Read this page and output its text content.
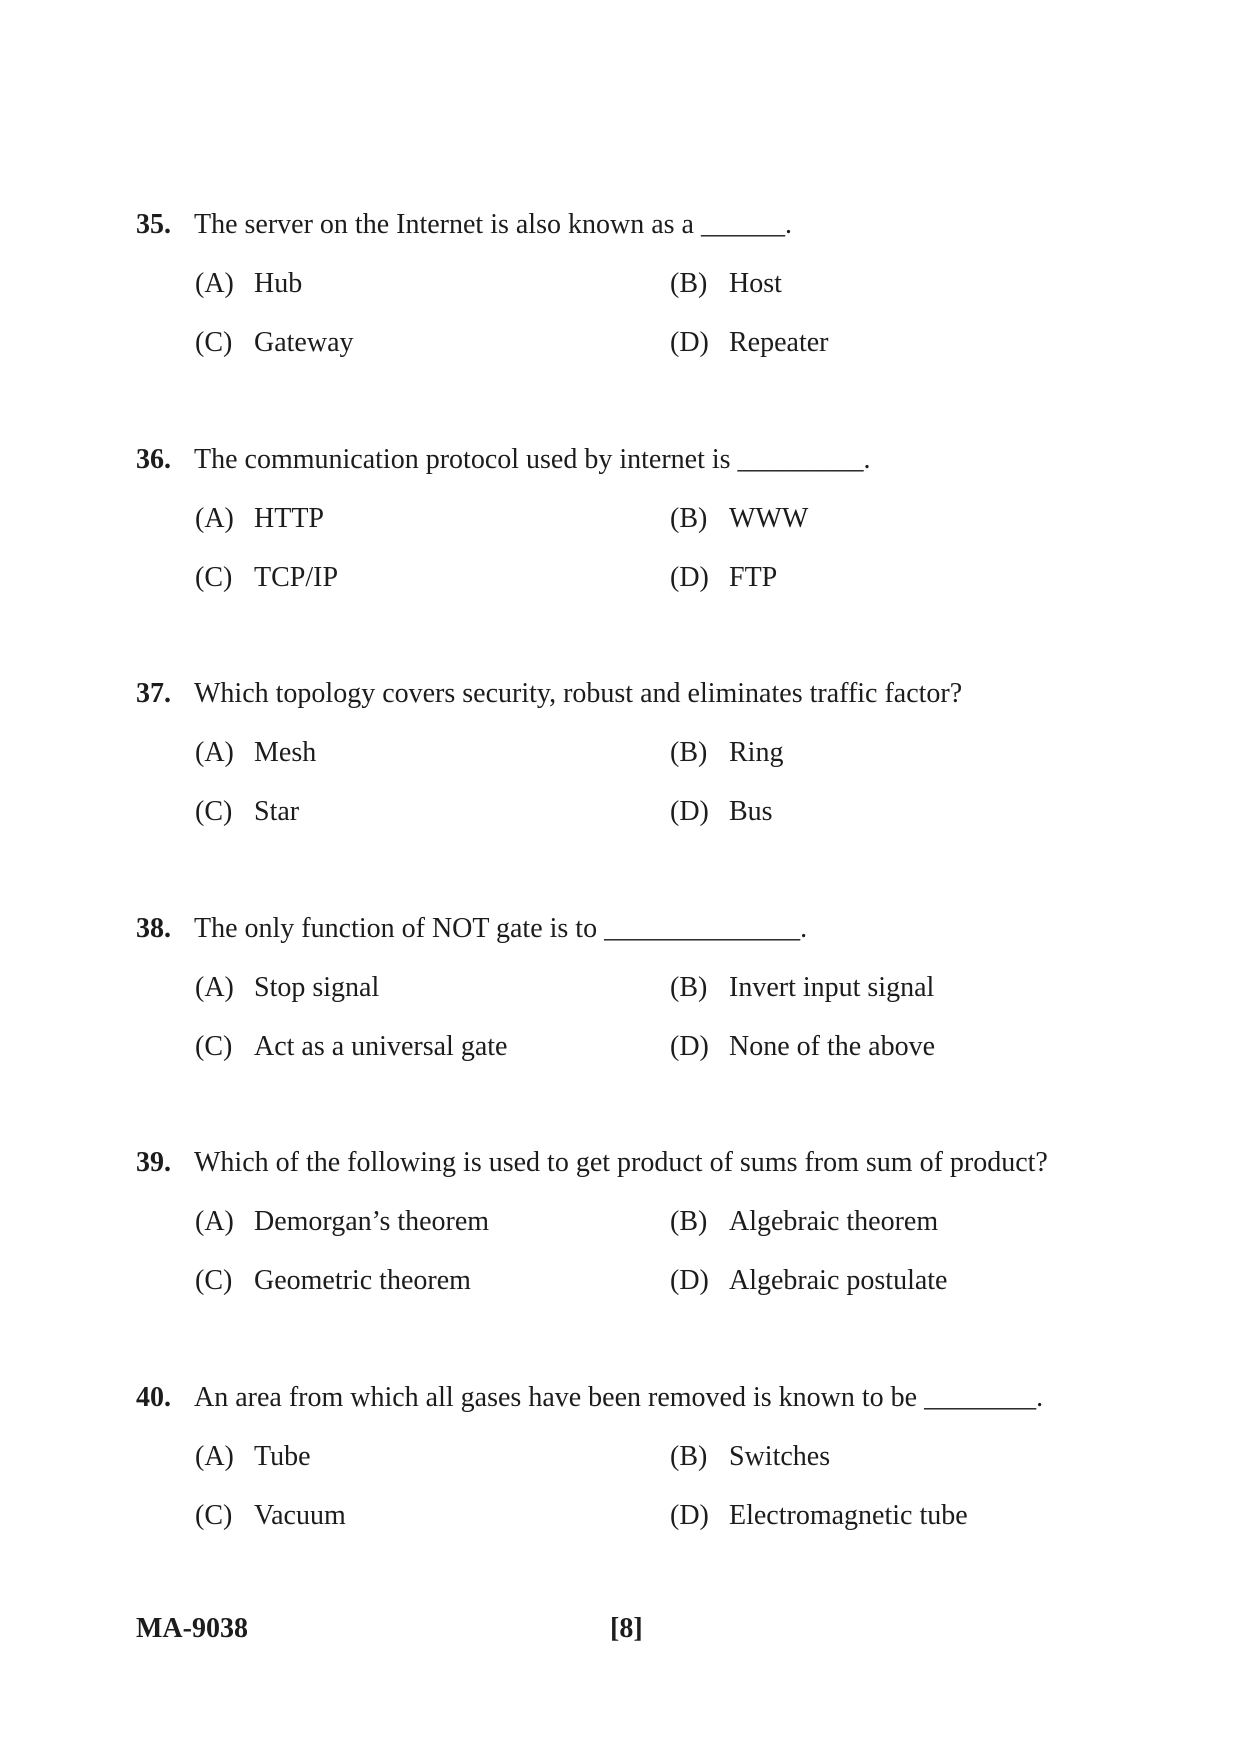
35. The server on the Internet is also known as a ______.
(A) Hub	(B) Host
(C) Gateway	(D) Repeater
36. The communication protocol used by internet is _________.
(A) HTTP	(B) WWW
(C) TCP/IP	(D) FTP
37. Which topology covers security, robust and eliminates traffic factor?
(A) Mesh	(B) Ring
(C) Star	(D) Bus
38. The only function of NOT gate is to ______________.
(A) Stop signal	(B) Invert input signal
(C) Act as a universal gate	(D) None of the above
39. Which of the following is used to get product of sums from sum of product?
(A) Demorgan’s theorem	(B) Algebraic theorem
(C) Geometric theorem	(D) Algebraic postulate
40. An area from which all gases have been removed is known to be ________.
(A) Tube	(B) Switches
(C) Vacuum	(D) Electromagnetic tube
MA-9038	[8]
